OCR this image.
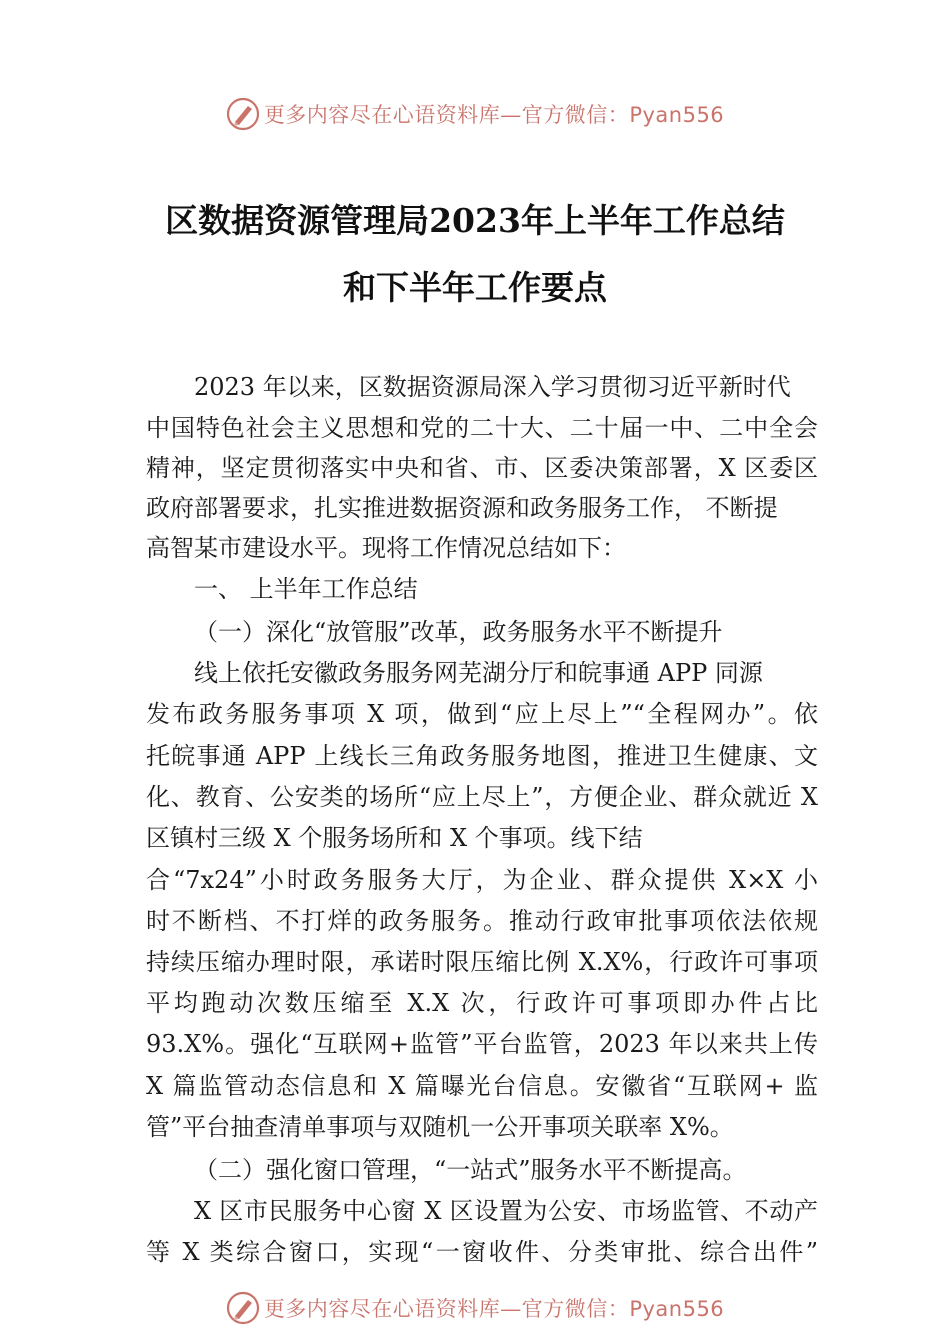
更多内容尽在心语资料库—官方微信：Pyan556
区数据资源管理局2023年上半年工作总结
和下半年工作要点
2023 年以来，区数据资源局深入学习贯彻习近平新时代
中国特色社会主义思想和党的二十大、二十届一中、二中全会
精神，坚定贯彻落实中央和省、市、区委决策部署，X 区委区
政府部署要求，扎实推进数据资源和政务服务工作， 不断提
高智某市建设水平。现将工作情况总结如下：
一、 上半年工作总结
（一）深化“放管服”改革，政务服务水平不断提升
线上依托安徽政务服务网芜湖分厅和皖事通 APP 同源
发布政务服务事项 X 项，做到“应上尽上”“全程网办”。依
托皖事通 APP 上线长三角政务服务地图，推进卫生健康、文
化、教育、公安类的场所“应上尽上”，方便企业、群众就近 X
区镇村三级 X 个服务场所和 X 个事项。线下结
合“7x24”小时政务服务大厅，为企业、群众提供 X×X 小
时不断档、不打烊的政务服务。推动行政审批事项依法依规
持续压缩办理时限，承诺时限压缩比例 X.X%，行政许可事项
平均跑动次数压缩至 X.X 次，行政许可事项即办件占比
93.X%。强化“互联网+监管”平台监管，2023 年以来共上传
X 篇监管动态信息和 X 篇曝光台信息。安徽省“互联网+ 监
管”平台抽查清单事项与双随机一公开事项关联率 X%。
（二）强化窗口管理，“一站式”服务水平不断提高。
X 区市民服务中心窗 X 区设置为公安、市场监管、不动产
等 X 类综合窗口，实现“一窗收件、分类审批、综合出件”
更多内容尽在心语资料库—官方微信：Pyan556
